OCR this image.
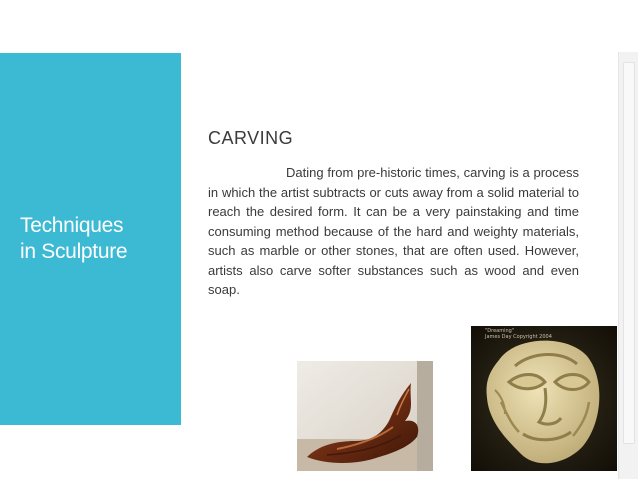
Techniques
in Sculpture
CARVING
Dating from pre-historic times, carving is a process in which the artist subtracts or cuts away from a solid material to reach the desired form. It can be a very painstaking and time consuming method because of the hard and weighty materials, such as marble or other stones, that are often used. However, artists also carve softer substances such as wood and even soap.
"Dreaming"
James Day Copyright 2004
